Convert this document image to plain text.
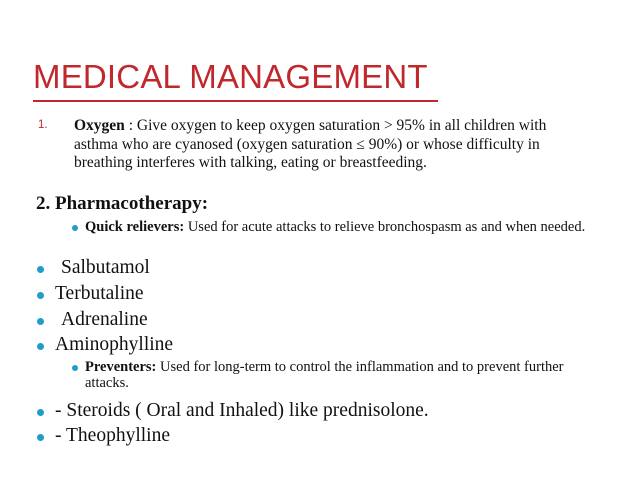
MEDICAL MANAGEMENT
1. Oxygen : Give oxygen to keep oxygen saturation > 95% in all children with asthma who are cyanosed (oxygen saturation ≤ 90%) or whose difficulty in breathing interferes with talking, eating or breastfeeding.
2. Pharmacotherapy:
Quick relievers: Used for acute attacks to relieve bronchospasm as and when needed.
Salbutamol
Terbutaline
Adrenaline
Aminophylline
Preventers: Used for long-term to control the inflammation and to prevent further attacks.
- Steroids ( Oral and Inhaled) like prednisolone.
- Theophylline
